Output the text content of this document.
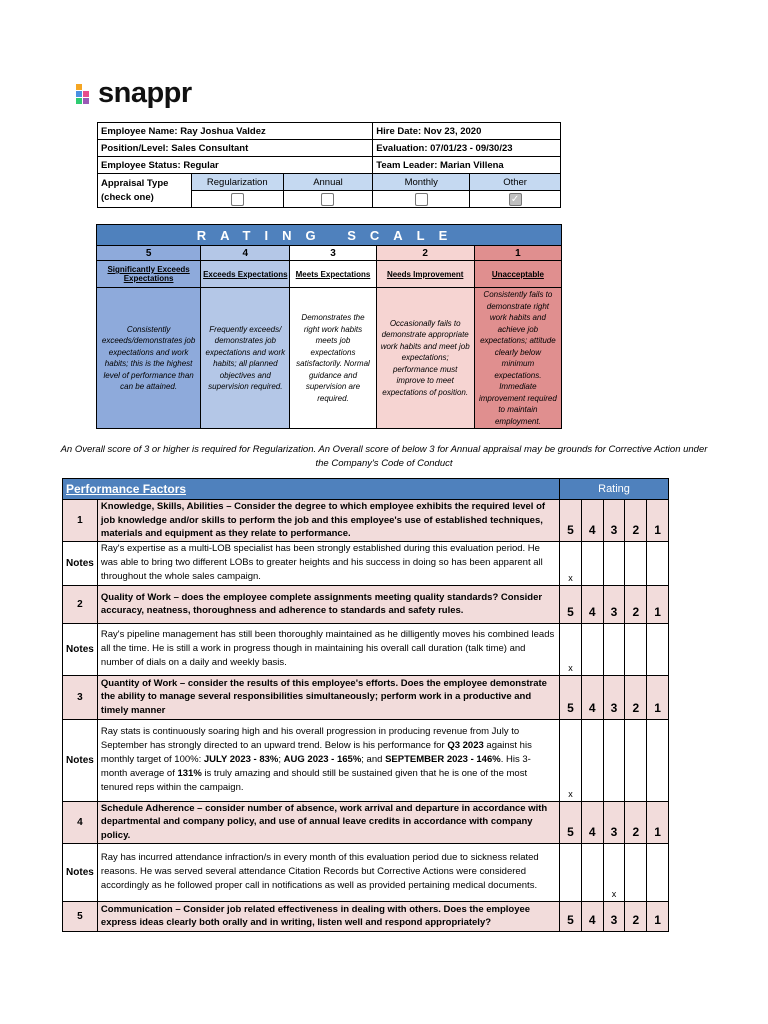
snappr
Employee Name: Ray Joshua Valdez			Hire Date: Nov 23, 2020	
Position/Level: Sales Consultant			Evaluation: 07/01/23 - 09/30/23	
Employee Status: Regular			Team Leader: Marian Villena	
Appraisal Type
(check one)	Regularization	Annual	Monthly	Other
				✓
RATING SCALE				
5	4	3	2	1
Significantly Exceeds Expectations	Exceeds Expectations	Meets Expectations	Needs Improvement	Unacceptable
Consistently exceeds/demonstrates job expectations and work habits; this is the highest level of performance than can be attained.	Frequently exceeds/ demonstrates job expectations and work habits; all planned objectives and supervision required.	Demonstrates the right work habits meets job expectations satisfactorily. Normal guidance and supervision are required.	Occasionally fails to demonstrate appropriate work habits and meet job expectations; performance must improve to meet expectations of position.	Consistently fails to demonstrate right work habits and achieve job expectations; attitude clearly below minimum expectations. Immediate improvement required to maintain employment.
An Overall score of 3 or higher is required for Regularization. An Overall score of below 3 for Annual appraisal may be grounds for Corrective Action under the Company's Code of Conduct
Performance Factors		Rating				
1	Knowledge, Skills, Abilities – Consider the degree to which employee exhibits the required level of job knowledge and/or skills to perform the job and this employee's use of established techniques, materials and equipment as they relate to performance.	5	4	3	2	1
Notes	Ray's expertise as a multi-LOB specialist has been strongly established during this evaluation period. He was able to bring two different LOBs to greater heights and his success in doing so has been apparent all throughout the whole sales campaign.	x				
2	Quality of Work – does the employee complete assignments meeting quality standards? Consider accuracy, neatness, thoroughness and adherence to standards and safety rules.	5	4	3	2	1
Notes	Ray's pipeline management has still been thoroughly maintained as he dilligently moves his combined leads all the time. He is still a work in progress though in maintaining his overall call duration (talk time) and number of dials on a daily and weekly basis.	x				
3	Quantity of Work – consider the results of this employee's efforts. Does the employee demonstrate the ability to manage several responsibilities simultaneously; perform work in a productive and timely manner	5	4	3	2	1
Notes	Ray stats is continuously soaring high and his overall progression in producing revenue from July to September has strongly directed to an upward trend. Below is his performance for Q3 2023 against his monthly target of 100%: JULY 2023 - 83%; AUG 2023 - 165%; and SEPTEMBER 2023 - 146%. His 3-month average of 131% is truly amazing and should still be sustained given that he is one of the most tenured reps within the campaign.	x				
4	Schedule Adherence – consider number of absence, work arrival and departure in accordance with departmental and company policy, and use of annual leave credits in accordance with company policy.	5	4	3	2	1
Notes	Ray has incurred attendance infraction/s in every month of this evaluation period due to sickness related reasons. He was served several attendance Citation Records but Corrective Actions were considered accordingly as he followed proper call in notifications as well as provided pertaining medical documents.			x		
5	Communication – Consider job related effectiveness in dealing with others. Does the employee express ideas clearly both orally and in writing, listen well and respond appropriately?	5	4	3	2	1
